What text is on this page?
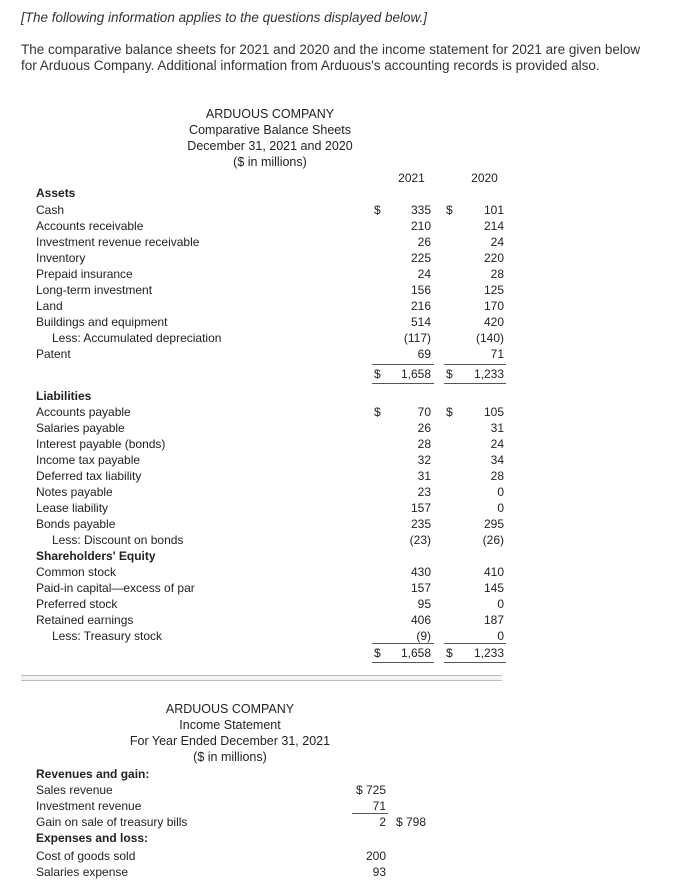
[The following information applies to the questions displayed below.]
The comparative balance sheets for 2021 and 2020 and the income statement for 2021 are given below for Arduous Company. Additional information from Arduous's accounting records is provided also.
ARDUOUS COMPANY
Comparative Balance Sheets
December 31, 2021 and 2020
($ in millions)
2021	2020
Assets
Cash	335	101
$	$
Accounts receivable	210	214
Investment revenue receivable	26	24
Inventory	225	220
Prepaid insurance	24	28
Long-term investment	156	125
Land	216	170
Buildings and equipment	514	420
Less: Accumulated depreciation	(117)	(140)
Patent	69	71
$	$
1,658	1,233
Liabilities
Accounts payable	70	105
$	$
Salaries payable	26	31
Interest payable (bonds)	28	24
Income tax payable	32	34
Deferred tax liability	31	28
Notes payable	23	0
Lease liability	157	0
Bonds payable	235	295
Less: Discount on bonds	(23)	(26)
Shareholders' Equity
Common stock	430	410
Paid-in capital—excess of par	157	145
Preferred stock	95	0
Retained earnings	406	187
Less: Treasury stock	(9)	0
$	$
1,658	1,233
ARDUOUS COMPANY
Income Statement
For Year Ended December 31, 2021
($ in millions)
Revenues and gain:
Sales revenue	$ 725
Investment revenue	71
Gain on sale of treasury bills	2 $ 798
Expenses and loss:
Cost of goods sold	200
Salaries expense	93
